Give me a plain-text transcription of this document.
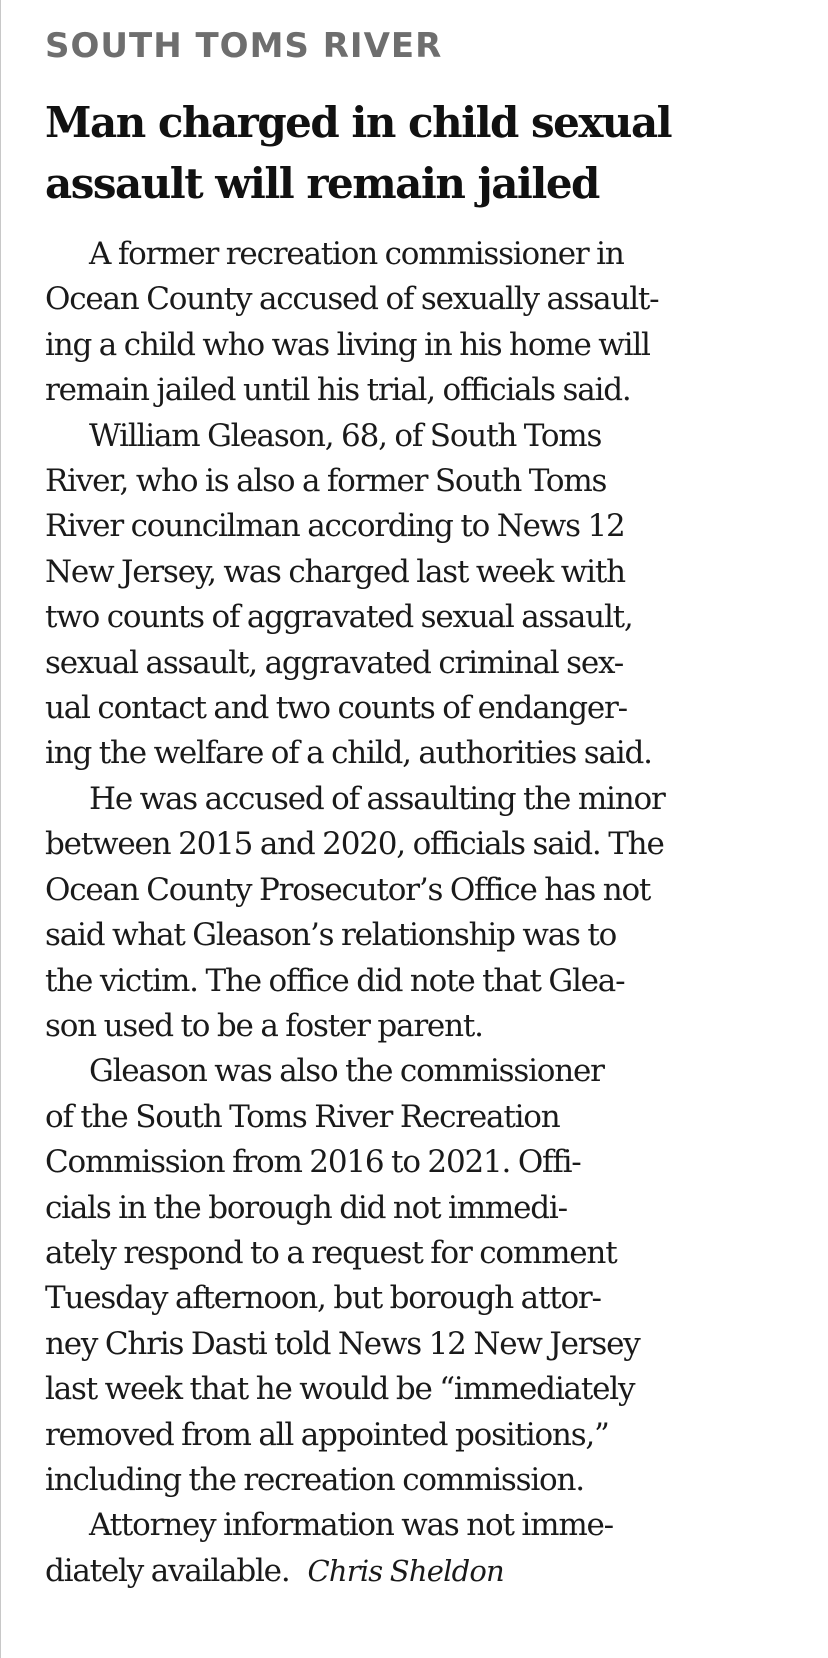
SOUTH TOMS RIVER
Man charged in child sexual
assault will remain jailed
A former recreation commissioner in
Ocean County accused of sexually assault-
ing a child who was living in his home will
remain jailed until his trial, officials said.
William Gleason, 68, of South Toms
River, who is also a former South Toms
River councilman according to News 12
New Jersey, was charged last week with
two counts of aggravated sexual assault,
sexual assault, aggravated criminal sex-
ual contact and two counts of endanger-
ing the welfare of a child, authorities said.
He was accused of assaulting the minor
between 2015 and 2020, officials said. The
Ocean County Prosecutor’s Office has not
said what Gleason’s relationship was to
the victim. The office did note that Glea-
son used to be a foster parent.
Gleason was also the commissioner
of the South Toms River Recreation
Commission from 2016 to 2021. Offi-
cials in the borough did not immedi-
ately respond to a request for comment
Tuesday afternoon, but borough attor-
ney Chris Dasti told News 12 New Jersey
last week that he would be “immediately
removed from all appointed positions,”
including the recreation commission.
Attorney information was not imme-
diately available. Chris Sheldon
